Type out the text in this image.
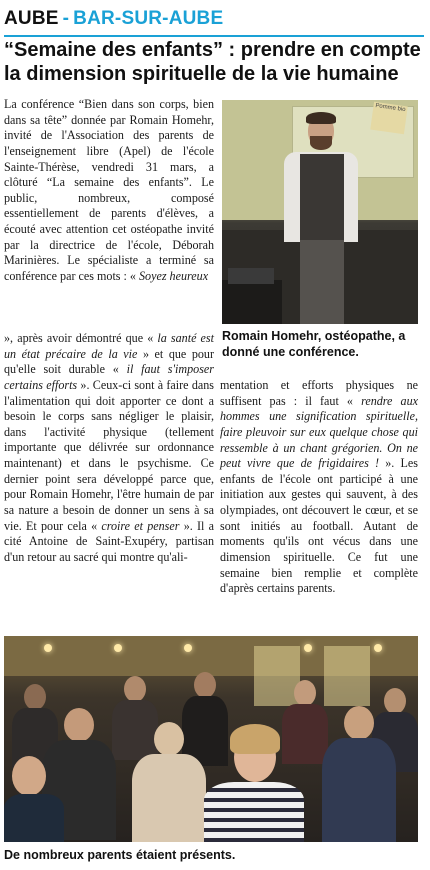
AUBE - BAR-SUR-AUBE
“Semaine des enfants” : prendre en compte la dimension spirituelle de la vie humaine

La conférence “Bien dans son corps, bien dans sa tête” donnée par Romain Homehr, invité de l'Association des parents de l'enseignement libre (Apel) de l'école Sainte-Thérèse, vendredi 31 mars, a clôturé “La semaine des enfants”. Le public, nombreux, composé essentiellement de parents d'élèves, a écouté avec attention cet ostéopathe invité par la directrice de l'école, Déborah Marinières. Le spécialiste a terminé sa conférence par ces mots : « Soyez heureux

Pomme bio
Romain Homehr, ostéopathe, a donné une conférence.

», après avoir démontré que « la santé est un état précaire de la vie » et que pour qu'elle soit durable « il faut s'imposer certains efforts ». Ceux-ci sont à faire dans l'alimentation qui doit apporter ce dont a besoin le corps sans négliger le plaisir, dans l'activité physique (tellement importante que délivrée sur ordonnance maintenant) et dans le psychisme. Ce dernier point sera développé parce que, pour Romain Homehr, l'être humain de par sa nature a besoin de donner un sens à sa vie. Et pour cela « croire et penser ». Il a cité Antoine de Saint-Exupéry, partisan d'un retour au sacré qui montre qu'ali-

mentation et efforts physiques ne suffisent pas : il faut « rendre aux hommes une signification spirituelle, faire pleuvoir sur eux quelque chose qui ressemble à un chant grégorien. On ne peut vivre que de frigidaires ! ». Les enfants de l'école ont participé à une initiation aux gestes qui sauvent, à des olympiades, ont découvert le cœur, et se sont initiés au football. Autant de moments qu'ils ont vécus dans une dimension spirituelle. Ce fut une semaine bien remplie et complète d'après certains parents.

De nombreux parents étaient présents.
